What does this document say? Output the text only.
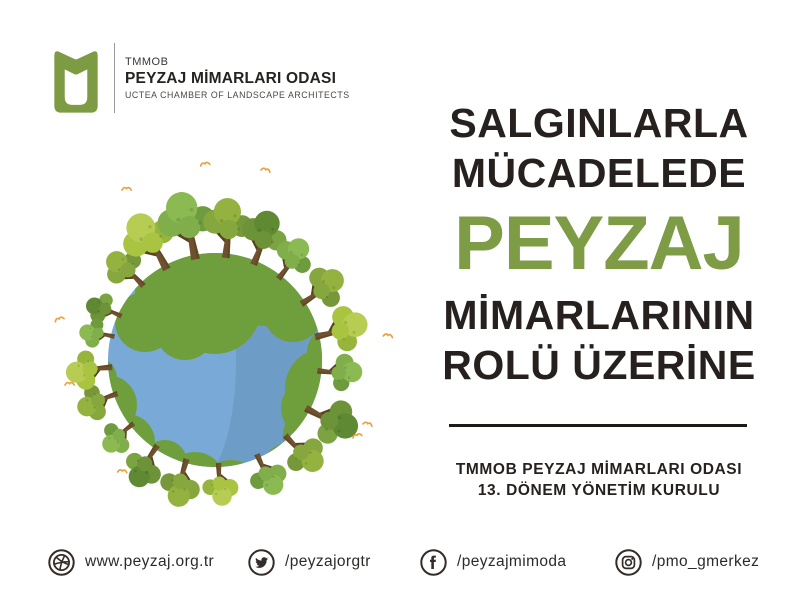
TMMOB
PEYZAJ MİMARLARI ODASI
UCTEA CHAMBER OF LANDSCAPE ARCHITECTS
SALGINLARLA
MÜCADELEDE
PEYZAJ
MİMARLARININ
ROLÜ ÜZERİNE
TMMOB PEYZAJ MİMARLARI ODASI
13. DÖNEM YÖNETİM KURULU
www.peyzaj.org.tr	/peyzajorgtr	/peyzajmimoda	/pmo_gmerkez
